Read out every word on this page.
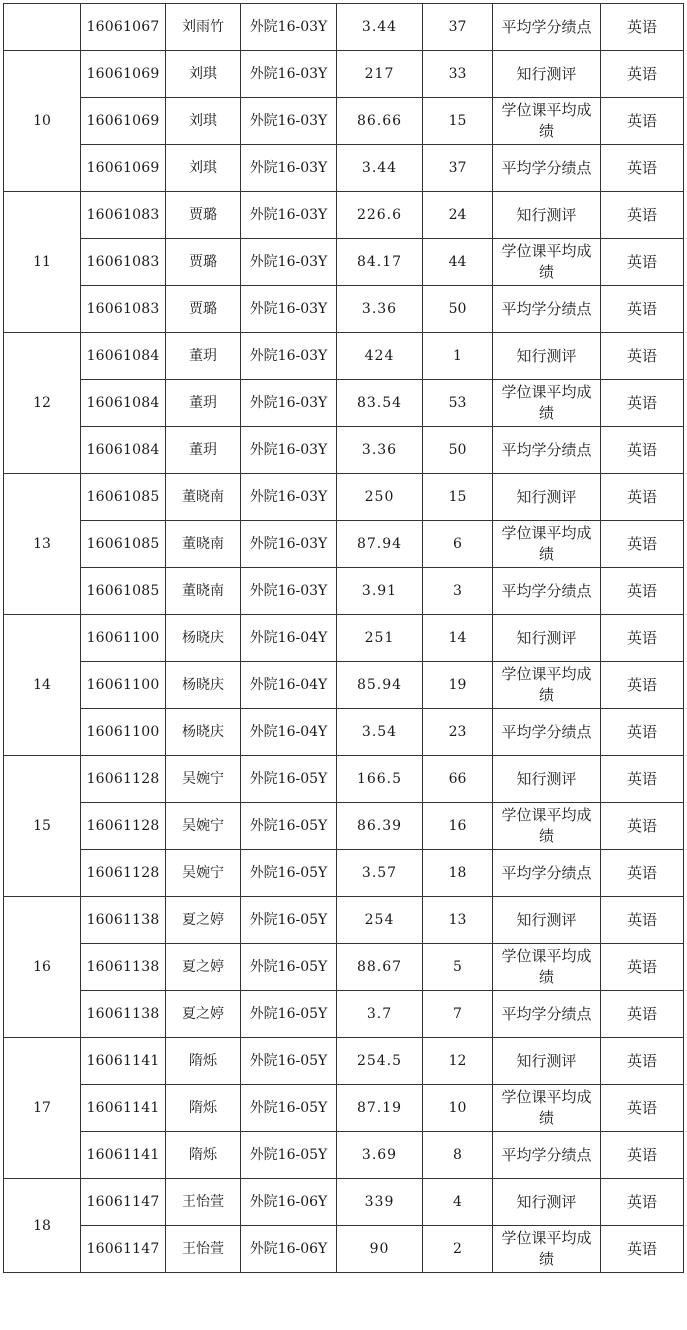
	16061067	刘雨竹	外院16-03Y	3.44	37	平均学分绩点	英语
10	16061069	刘琪	外院16-03Y	217	33	知行测评	英语
	16061069	刘琪	外院16-03Y	86.66	15	学位课平均成绩	英语
	16061069	刘琪	外院16-03Y	3.44	37	平均学分绩点	英语
11	16061083	贾璐	外院16-03Y	226.6	24	知行测评	英语
	16061083	贾璐	外院16-03Y	84.17	44	学位课平均成绩	英语
	16061083	贾璐	外院16-03Y	3.36	50	平均学分绩点	英语
12	16061084	董玥	外院16-03Y	424	1	知行测评	英语
	16061084	董玥	外院16-03Y	83.54	53	学位课平均成绩	英语
	16061084	董玥	外院16-03Y	3.36	50	平均学分绩点	英语
13	16061085	董晓南	外院16-03Y	250	15	知行测评	英语
	16061085	董晓南	外院16-03Y	87.94	6	学位课平均成绩	英语
	16061085	董晓南	外院16-03Y	3.91	3	平均学分绩点	英语
14	16061100	杨晓庆	外院16-04Y	251	14	知行测评	英语
	16061100	杨晓庆	外院16-04Y	85.94	19	学位课平均成绩	英语
	16061100	杨晓庆	外院16-04Y	3.54	23	平均学分绩点	英语
15	16061128	吴婉宁	外院16-05Y	166.5	66	知行测评	英语
	16061128	吴婉宁	外院16-05Y	86.39	16	学位课平均成绩	英语
	16061128	吴婉宁	外院16-05Y	3.57	18	平均学分绩点	英语
16	16061138	夏之婷	外院16-05Y	254	13	知行测评	英语
	16061138	夏之婷	外院16-05Y	88.67	5	学位课平均成绩	英语
	16061138	夏之婷	外院16-05Y	3.7	7	平均学分绩点	英语
17	16061141	隋烁	外院16-05Y	254.5	12	知行测评	英语
	16061141	隋烁	外院16-05Y	87.19	10	学位课平均成绩	英语
	16061141	隋烁	外院16-05Y	3.69	8	平均学分绩点	英语
18	16061147	王怡萱	外院16-06Y	339	4	知行测评	英语
	16061147	王怡萱	外院16-06Y	90	2	学位课平均成绩	英语
